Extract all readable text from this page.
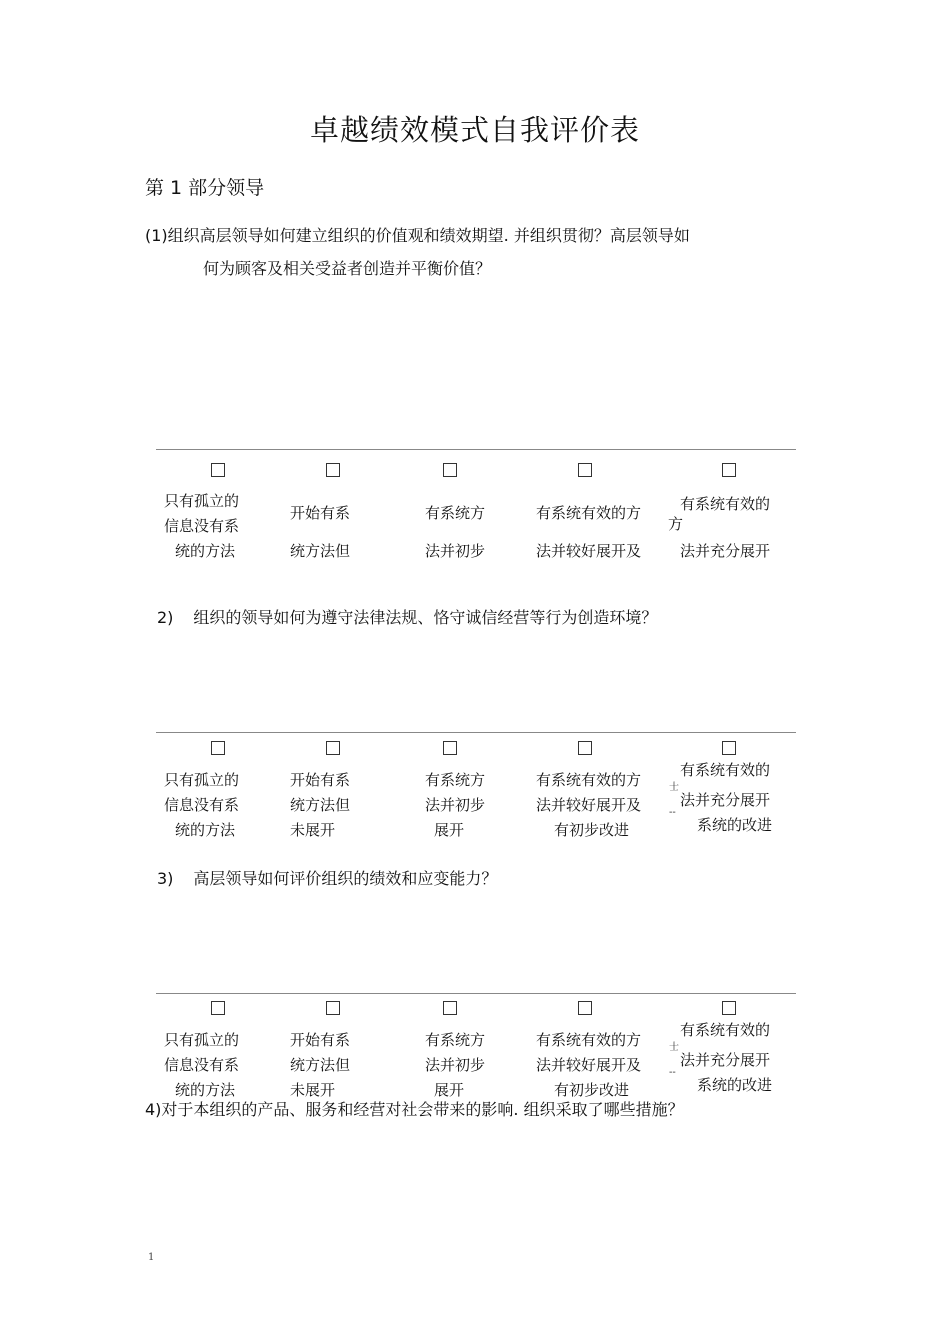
卓越绩效模式自我评价表
第 1 部分领导
(1)组织高层领导如何建立组织的价值观和绩效期望. 并组织贯彻？高层领导如
何为顾客及相关受益者创造并平衡价值？
只有孤立的
信息没有系
统的方法
开始有系
统方法但
有系统方
法并初步
有系统有效的方
法并较好展开及
有系统有效的
方
法并充分展开
2) 组织的领导如何为遵守法律法规、恪守诚信经营等行为创造环境？
只有孤立的
信息没有系
统的方法
开始有系
统方法但
未展开
有系统方
法并初步
展开
有系统有效的方
法并较好展开及
有初步改进
有系统有效的
法并充分展开
系统的改进
士
--
3) 高层领导如何评价组织的绩效和应变能力？
只有孤立的
信息没有系
统的方法
开始有系
统方法但
未展开
有系统方
法并初步
展开
有系统有效的方
法并较好展开及
有初步改进
有系统有效的
法并充分展开
系统的改进
士
--
4)对于本组织的产品、服务和经营对社会带来的影响. 组织采取了哪些措施？
1
